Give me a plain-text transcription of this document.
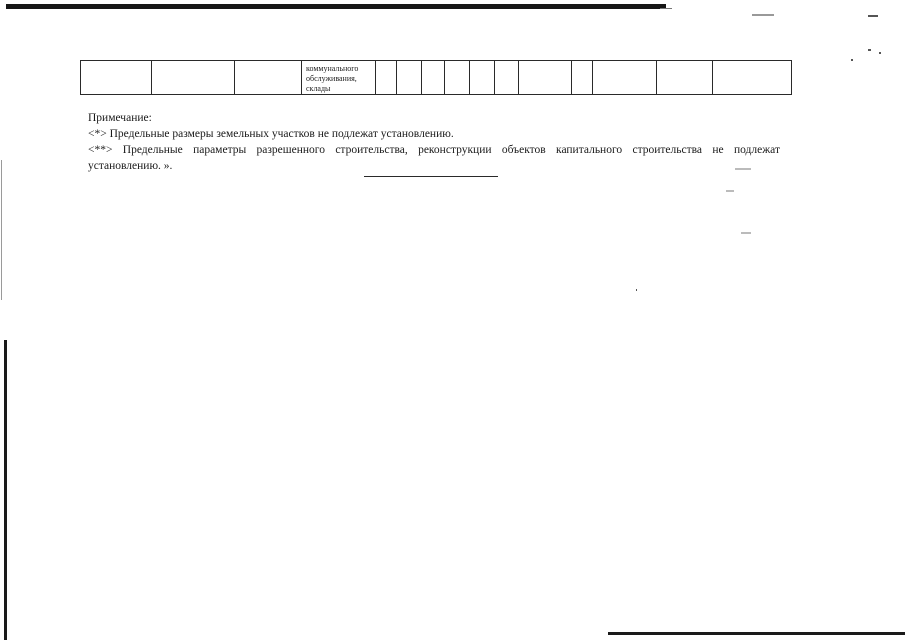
коммунального
обслуживания,
склады

Примечание:

<*> Предельные размеры земельных участков не подлежат установлению.

<**> Предельные параметры разрешенного строительства, реконструкции объектов капитального строительства не подлежат

установлению. ».
